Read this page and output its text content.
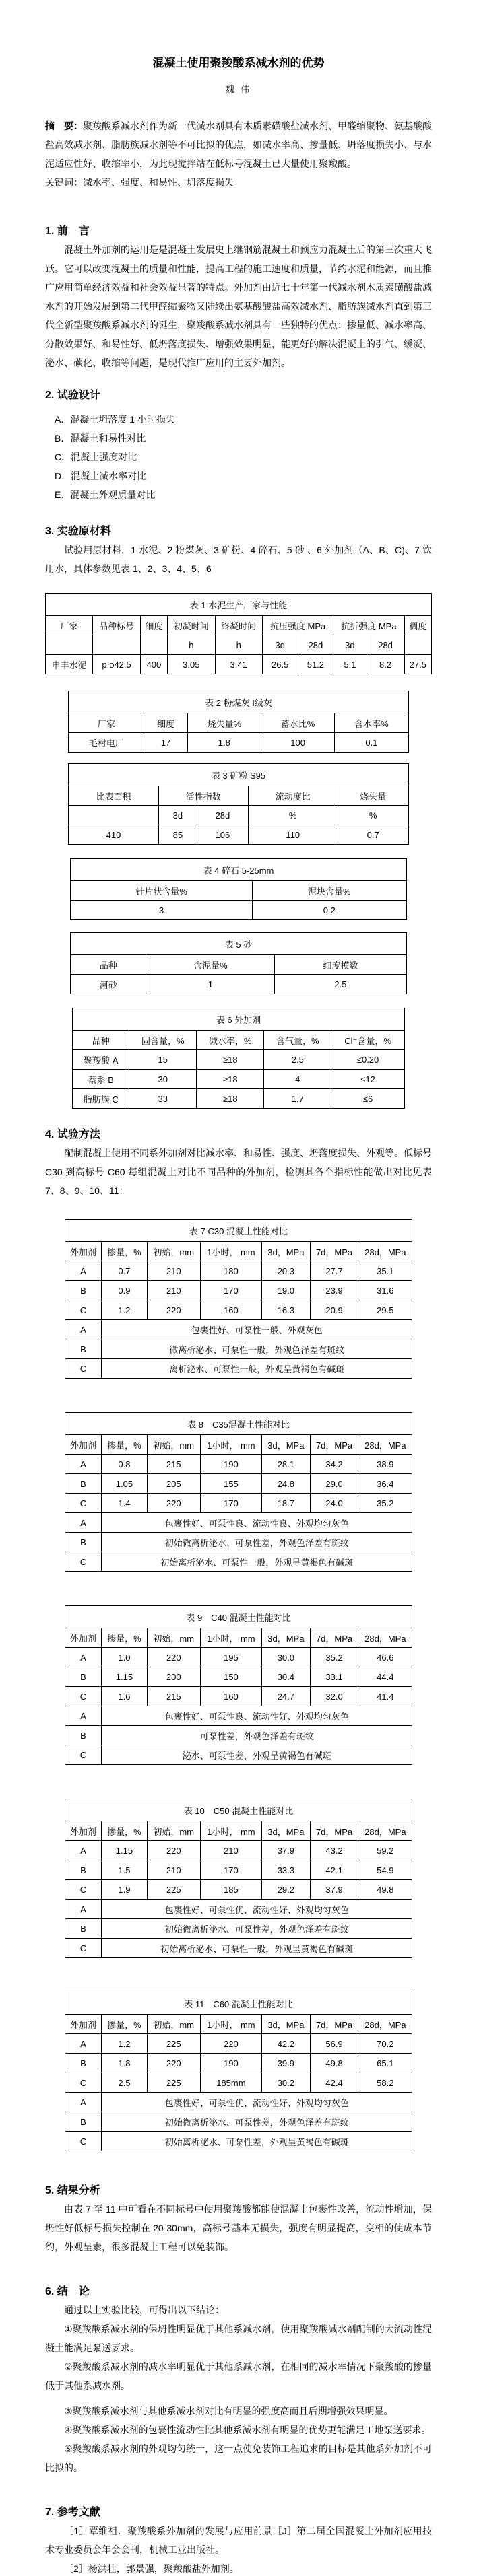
混凝土使用聚羧酸系减水剂的优势
魏 伟

摘　要：聚羧酸系减水剂作为新一代减水剂具有木质素磺酸盐减水剂、甲醛缩聚物、氨基酸酸盐高效减水剂、脂肪族减水剂等不可比拟的优点，如减水率高、掺量低、坍落度损失小、与水泥适应性好、收缩率小，为此现搅拌站在低标号混凝土已大量使用聚羧酸。

关键词：减水率、强度、和易性、坍落度损失

1. 前　言

混凝土外加剂的运用是是混凝土发展史上继钢筋混凝土和预应力混凝土后的第三次重大飞跃。它可以改变混凝土的质量和性能，提高工程的施工速度和质量，节约水泥和能源，而且推广应用简单经济效益和社会效益显著的特点。外加剂由近七十年第一代减水剂木质素磺酸盐减水剂的开始发展到第二代甲醛缩聚物又陆续出氨基酸酸盐高效减水剂、脂肪族减水剂直到第三代全新型聚羧酸系减水剂的诞生，聚羧酸系减水剂具有一些独特的优点：掺量低、减水率高、分散效果好、和易性好、低坍落度损失、增强效果明显，能更好的解决混凝土的引气、缓凝、泌水、碳化、收缩等问题，是现代推广应用的主要外加剂。

2. 试验设计

A．混凝土坍落度 1 小时损失

B．混凝土和易性对比

C．混凝土强度对比

D．混凝土减水率对比

E．混凝土外观质量对比

3. 实验原材料

试验用原材料，1 水泥、2 粉煤灰、3 矿粉、4 碎石、5 砂 、6 外加剂（A、B、C)、7 饮用水，具体参数见表 1、2、3、4、5、6

表 1 水泥生产厂家与性能									
厂家	品种标号	细度	初凝时间	终凝时间	抗压强度 MPa		抗折强度 MPa		稠度
			h	h	3d	28d	3d	28d	
申丰水泥	p.o42.5	400	3.05	3.41	26.5	51.2	5.1	8.2	27.5
表 2 粉煤灰 I级灰				
厂家	细度	烧失量%	蓄水比%	含水率%
毛村电厂	17	1.8	100	0.1
表 3 矿粉 S95				
比表面积	活性指数		流动度比	烧失量
	3d	28d	%	%
410	85	106	110	0.7
表 4 碎石 5-25mm	
针片状含量%	泥块含量%
3	0.2
表 5 砂		
品种	含泥量%	细度模数
河砂	1	2.5
表 6 外加剂				
品种	固含量，%	减水率，%	含气量，%	Cl⁻含量，%
聚羧酸 A	15	≥18	2.5	≤0.20
萘系 B	30	≥18	4	≤12
脂肪族 C	33	≥18	1.7	≤6
4. 试验方法

配制混凝土使用不同系外加剂对比减水率、和易性、强度、坍落度损失、外观等。低标号C30 到高标号 C60 每组混凝土对比不同品种的外加剂，检测其各个指标性能做出对比见表 7、8、9、10、11：

表 7 C30 混凝土性能对比						
外加剂	掺量，%	初始，mm	1小时， mm	3d，MPa	7d，MPa	28d，MPa
A	0.7	210	180	20.3	27.7	35.1
B	0.9	210	170	19.0	23.9	31.6
C	1.2	220	160	16.3	20.9	29.5
A	包裹性好、可泵性一般、外观灰色					
B	微离析泌水、可泵性一般，外观色泽差有斑纹					
C	离析泌水、可泵性一般，外观呈黄褐色有碱斑					
表 8　C35混凝土性能对比						
外加剂	掺量，%	初始，mm	1小时， mm	3d，MPa	7d，MPa	28d，MPa
A	0.8	215	190	28.1	34.2	38.9
B	1.05	205	155	24.8	29.0	36.4
C	1.4	220	170	18.7	24.0	35.2
A	包裹性好、可泵性良、流动性良、外观均匀灰色					
B	初始微离析泌水、可泵性差，外观色泽差有斑纹					
C	初始离析泌水、可泵性一般，外观呈黄褐色有碱斑					
表 9　C40 混凝土性能对比						
外加剂	掺量，%	初始，mm	1小时， mm	3d，MPa	7d，MPa	28d，MPa
A	1.0	220	195	30.0	35.2	46.6
B	1.15	200	150	30.4	33.1	44.4
C	1.6	215	160	24.7	32.0	41.4
A	包裹性好、可泵性良、流动性好、外观均匀灰色					
B	可泵性差，外观色泽差有斑纹					
C	泌水、可泵性差，外观呈黄褐色有碱斑					
表 10　C50 混凝土性能对比						
外加剂	掺量，%	初始，mm	1小时， mm	3d，MPa	7d，MPa	28d，MPa
A	1.15	220	210	37.9	43.2	59.2
B	1.5	210	170	33.3	42.1	54.9
C	1.9	225	185	29.2	37.9	49.8
A	包裹性好、可泵性优、流动性好、外观均匀灰色					
B	初始微离析泌水、可泵性差，外观色泽差有斑纹					
C	初始离析泌水、可泵性一般，外观呈黄褐色有碱斑					
表 11　C60 混凝土性能对比						
外加剂	掺量，%	初始，mm	1小时， mm	3d，MPa	7d，MPa	28d，MPa
A	1.2	225	220	42.2	56.9	70.2
B	1.8	220	190	39.9	49.8	65.1
C	2.5	225	185mm	30.2	42.4	58.2
A	包裹性好、可泵性优、流动性好、外观均匀灰色					
B	初始微离析泌水、可泵性差，外观色泽差有斑纹					
C	初始离析泌水、可泵性差，外观呈黄褐色有碱斑					
5. 结果分析

由表 7 至 11 中可看在不同标号中使用聚羧酸都能使混凝土包裹性改善，流动性增加，保坍性好低标号损失控制在 20-30mm，高标号基本无损失，强度有明显提高，变相的使成本节约，外观呈素，很多混凝土工程可以免装饰。

6. 结　论

通过以上实验比较，可得出以下结论：

①聚羧酸系减水剂的保坍性明显优于其他系减水剂，使用聚羧酸减水剂配制的大流动性混凝土能满足泵送要求。

②聚羧酸系减水剂的减水率明显优于其他系减水剂，在相同的减水率情况下聚羧酸的掺量低于其他系减水剂。

③聚羧酸系减水剂与其他系减水剂对比有明显的强度高而且后期增强效果明显。

④聚羧酸系减水剂的包裹性流动性比其他系减水剂有明显的优势更能满足工地泵送要求。

⑤聚羧酸系减水剂的外观均匀统一，这一点使免装饰工程追求的目标是其他系外加剂不可比拟的。

7. 参考文献

［1］覃维祖．聚羧酸系外加剂的发展与应用前景［J］第二届全国混凝土外加剂应用技术专业委员会年会会刊，机械工业出版社。

［2］杨洪壮，郭景强，聚羧酸盐外加剂。
